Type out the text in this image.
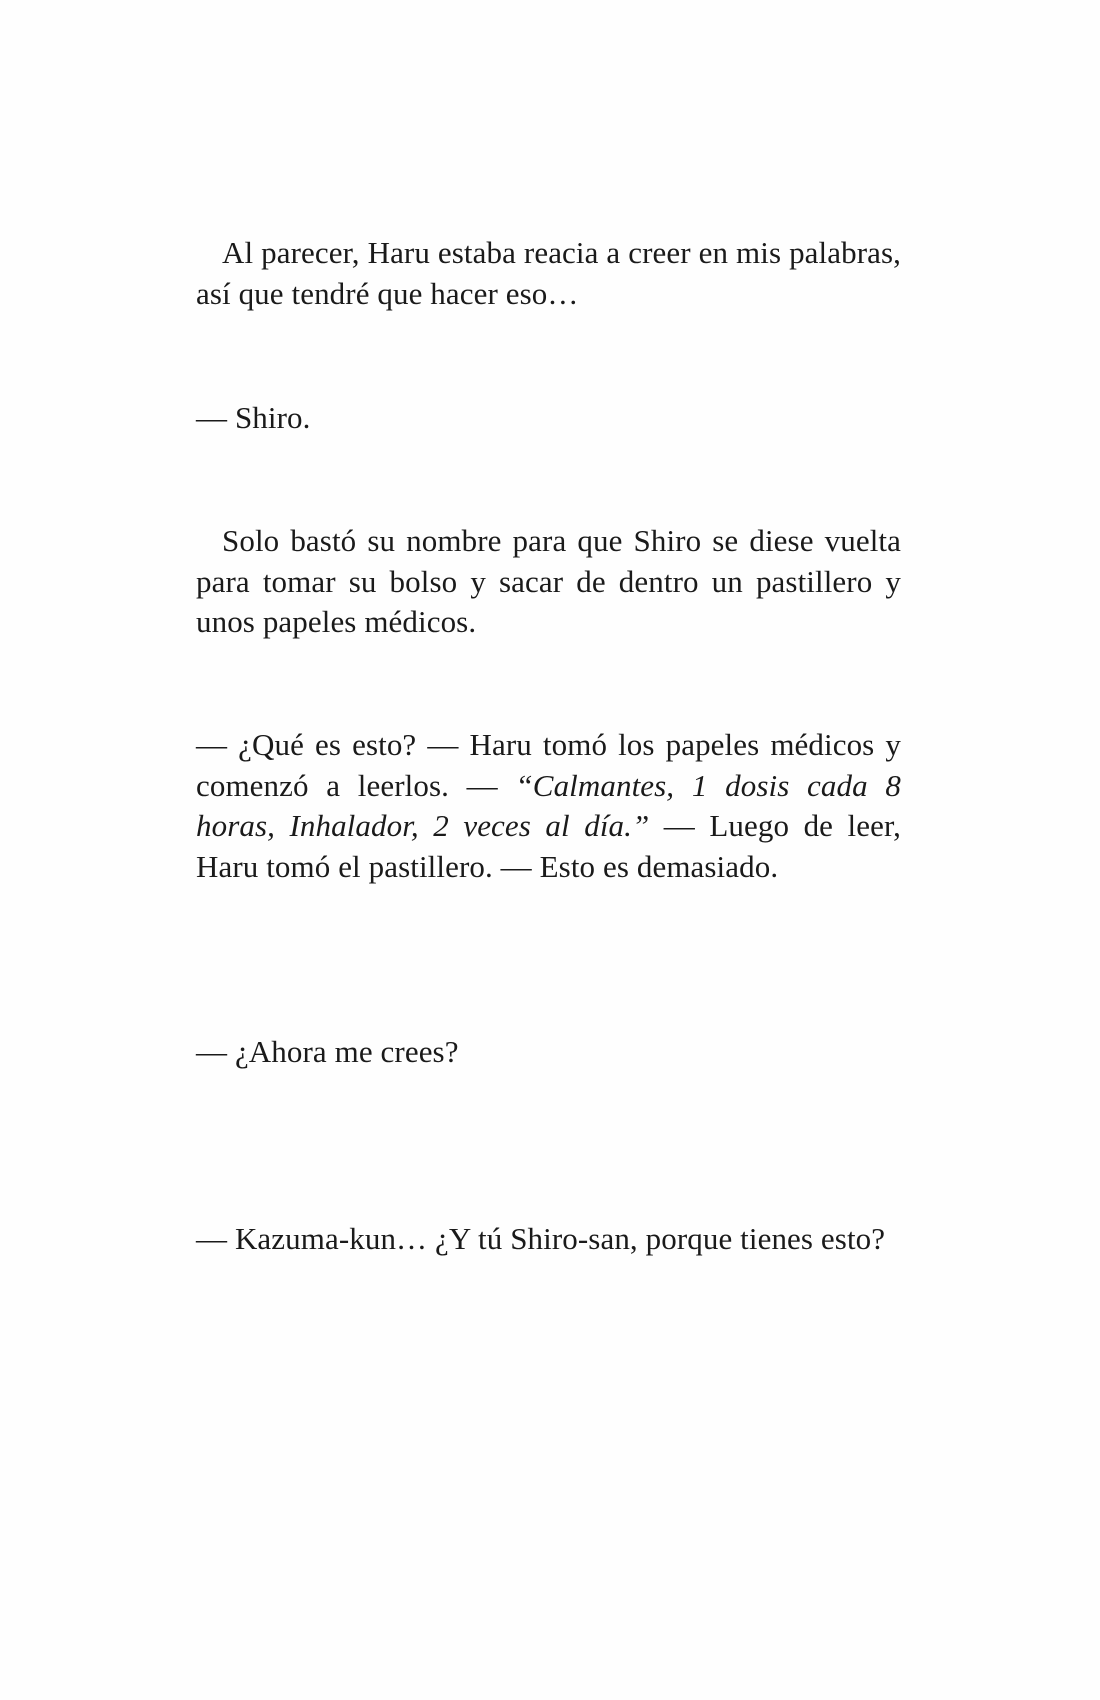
Al parecer, Haru estaba reacia a creer en mis palabras, así que tendré que hacer eso…

— Shiro.

Solo bastó su nombre para que Shiro se diese vuelta para tomar su bolso y sacar de dentro un pastillero y unos papeles médicos.

— ¿Qué es esto? — Haru tomó los papeles médicos y comenzó a leerlos. — “Calmantes, 1 dosis cada 8 horas, Inhalador, 2 veces al día.” — Luego de leer, Haru tomó el pastillero. — Esto es demasiado.

— ¿Ahora me crees?

— Kazuma-kun… ¿Y tú Shiro-san, porque tienes esto?
